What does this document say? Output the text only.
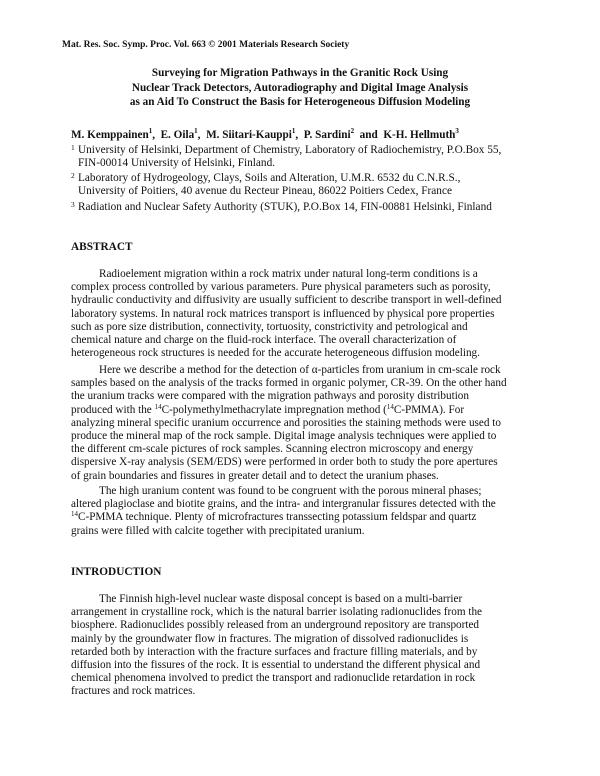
Mat. Res. Soc. Symp. Proc. Vol. 663 © 2001 Materials Research Society
Surveying for Migration Pathways in the Granitic Rock Using
Nuclear Track Detectors, Autoradiography and Digital Image Analysis
as an Aid To Construct the Basis for Heterogeneous Diffusion Modeling
M. Kemppainen$^1$,  E. Oila$^1$,  M. Siitari-Kauppi$^1$,  P. Sardini$^2$ and K-H. Hellmuth$^3$
1 University of Helsinki, Department of Chemistry, Laboratory of Radiochemistry, P.O.Box 55,
FIN-00014 University of Helsinki, Finland.
2 Laboratory of Hydrogeology, Clays, Soils and Alteration, U.M.R. 6532 du C.N.R.S.,
University of Poitiers, 40 avenue du Recteur Pineau, 86022 Poitiers Cedex, France
3 Radiation and Nuclear Safety Authority (STUK), P.O.Box 14, FIN-00881 Helsinki, Finland
ABSTRACT
Radioelement migration within a rock matrix under natural long-term conditions is a
complex process controlled by various parameters. Pure physical parameters such as porosity,
hydraulic conductivity and diffusivity are usually sufficient to describe transport in well-defined
laboratory systems. In natural rock matrices transport is influenced by physical pore properties
such as pore size distribution, connectivity, tortuosity, constrictivity and petrological and
chemical nature and charge on the fluid-rock interface. The overall characterization of
heterogeneous rock structures is needed for the accurate heterogeneous diffusion modeling.
Here we describe a method for the detection of α-particles from uranium in cm-scale rock
samples based on the analysis of the tracks formed in organic polymer, CR-39. On the other hand
the uranium tracks were compared with the migration pathways and porosity distribution
produced with the $^{14}$C-polymethylmethacrylate impregnation method ($^{14}$C-PMMA). For
analyzing mineral specific uranium occurrence and porosities the staining methods were used to
produce the mineral map of the rock sample. Digital image analysis techniques were applied to
the different cm-scale pictures of rock samples. Scanning electron microscopy and energy
dispersive X-ray analysis (SEM/EDS) were performed in order both to study the pore apertures
of grain boundaries and fissures in greater detail and to detect the uranium phases.
The high uranium content was found to be congruent with the porous mineral phases;
altered plagioclase and biotite grains, and the intra- and intergranular fissures detected with the
$^{14}$C-PMMA technique. Plenty of microfractures transsecting potassium feldspar and quartz
grains were filled with calcite together with precipitated uranium.
INTRODUCTION
The Finnish high-level nuclear waste disposal concept is based on a multi-barrier
arrangement in crystalline rock, which is the natural barrier isolating radionuclides from the
biosphere. Radionuclides possibly released from an underground repository are transported
mainly by the groundwater flow in fractures. The migration of dissolved radionuclides is
retarded both by interaction with the fracture surfaces and fracture filling materials, and by
diffusion into the fissures of the rock. It is essential to understand the different physical and
chemical phenomena involved to predict the transport and radionuclide retardation in rock
fractures and rock matrices.
